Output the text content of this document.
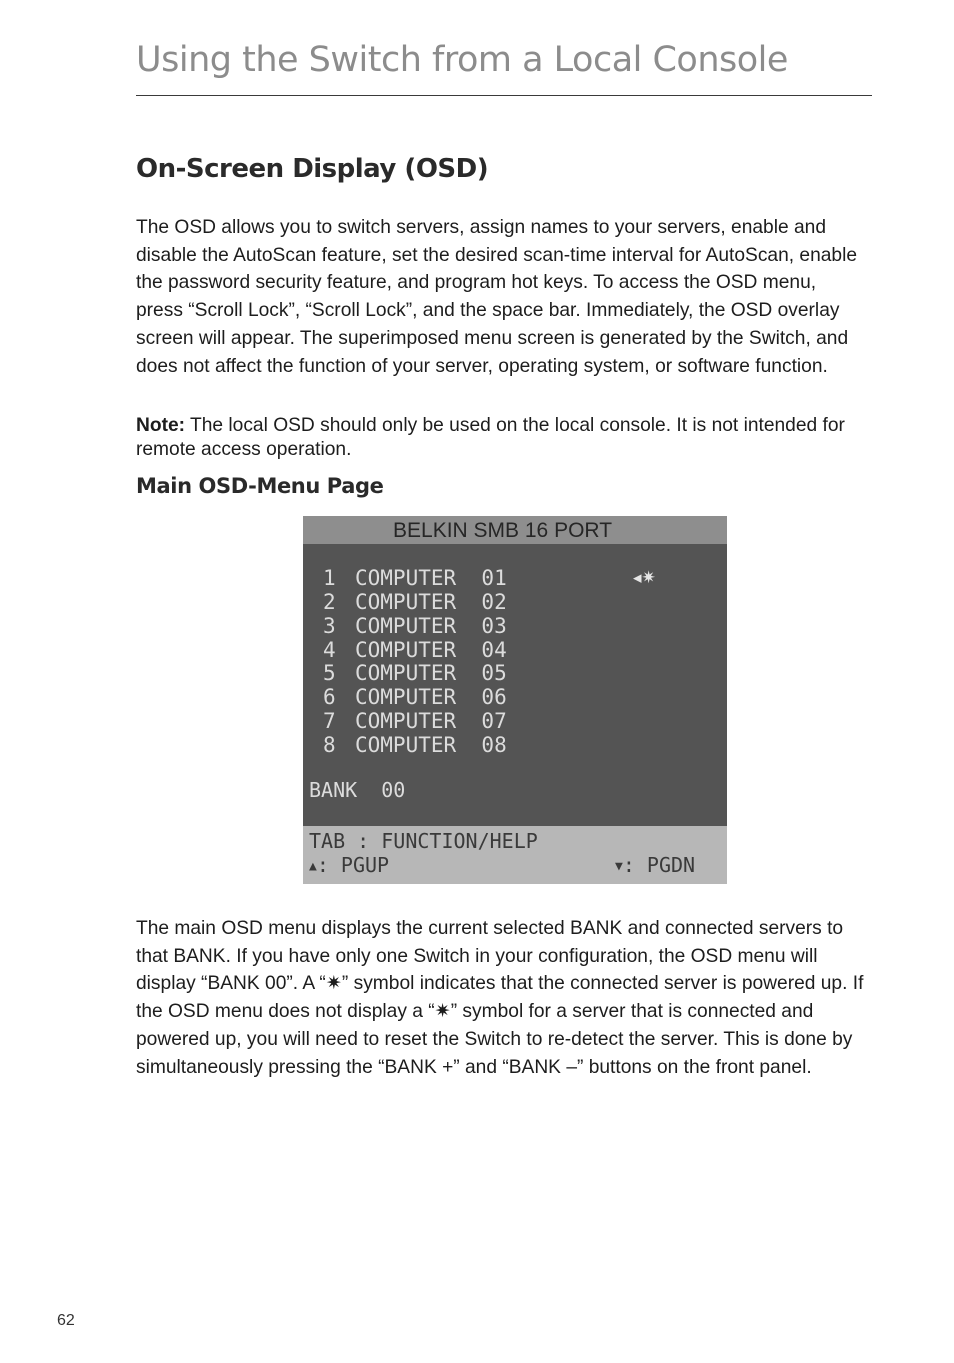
Using the Switch from a Local Console
On-Screen Display (OSD)

The OSD allows you to switch servers, assign names to your servers, enable and disable the AutoScan feature, set the desired scan-time interval for AutoScan, enable the password security feature, and program hot keys. To access the OSD menu, press “Scroll Lock”, “Scroll Lock”, and the space bar. Immediately, the OSD overlay screen will appear. The superimposed menu screen is generated by the Switch, and does not affect the function of your server, operating system, or software function.

Note: The local OSD should only be used on the local console. It is not intended for remote access operation.

Main OSD-Menu Page
BELKIN SMB 16 PORT
1 COMPUTER  01
2 COMPUTER  02
3 COMPUTER  03
4 COMPUTER  04
5 COMPUTER  05
6 COMPUTER  06
7 COMPUTER  07
8 COMPUTER  08
◂✷
BANK  00
TAB : FUNCTION/HELP
▲: PGUP	▼: PGDN

The main OSD menu displays the current selected BANK and connected servers to that BANK. If you have only one Switch in your configuration, the OSD menu will display “BANK 00”. A “✷” symbol indicates that the connected server is powered up. If the OSD menu does not display a “✷” symbol for a server that is connected and powered up, you will need to reset the Switch to re-detect the server. This is done by simultaneously pressing the “BANK +” and “BANK –” buttons on the front panel.

62
